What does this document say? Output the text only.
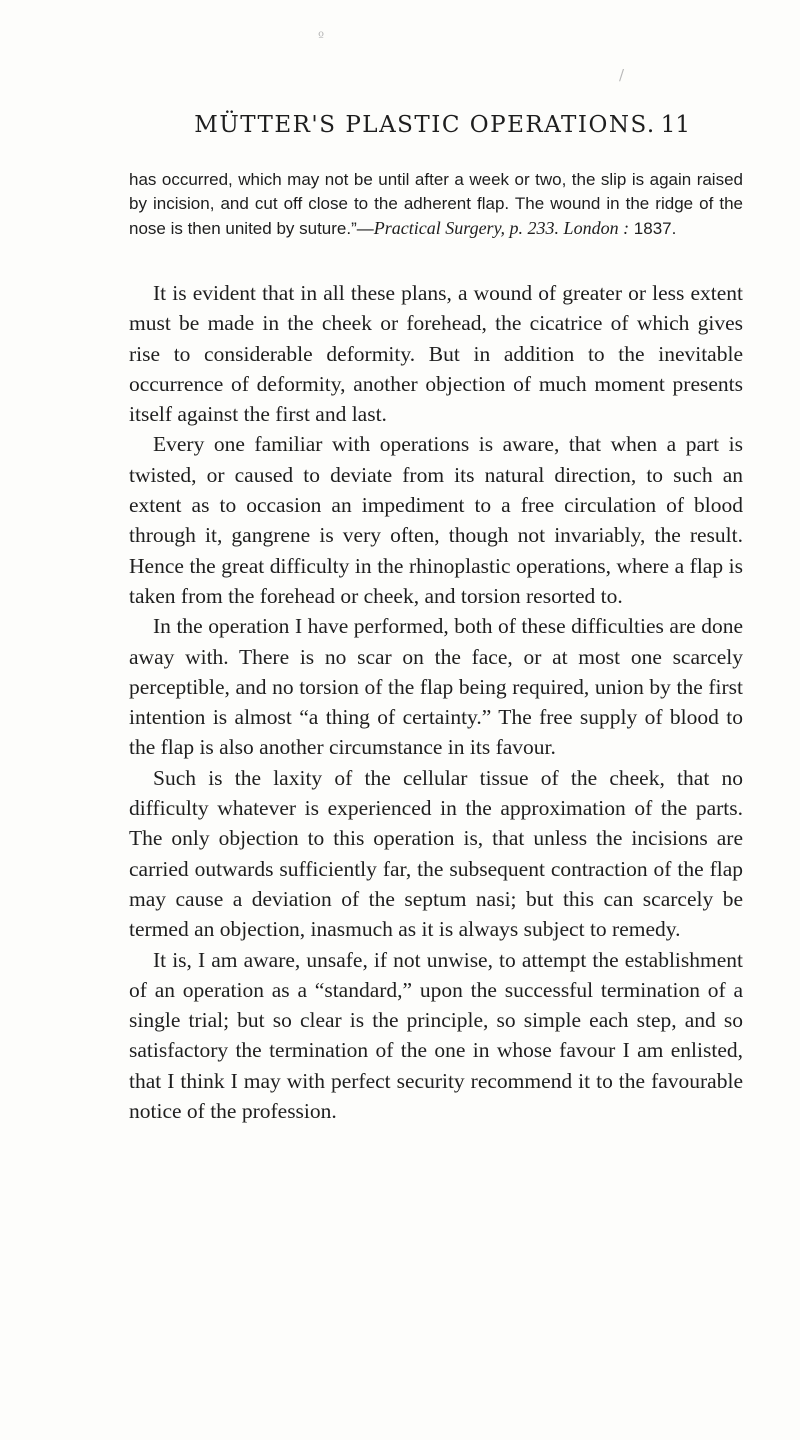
º
/
MÜTTER'S PLASTIC OPERATIONS. 11
has occurred, which may not be until after a week or two, the slip is again raised by incision, and cut off close to the adherent flap. The wound in the ridge of the nose is then united by suture.”—Practical Surgery, p. 233. London : 1837.

It is evident that in all these plans, a wound of greater or less extent must be made in the cheek or forehead, the cicatrice of which gives rise to considerable deformity. But in addition to the inevitable occurrence of deformity, another objection of much moment presents itself against the first and last.

Every one familiar with operations is aware, that when a part is twisted, or caused to deviate from its natural direction, to such an extent as to occasion an impediment to a free circulation of blood through it, gangrene is very often, though not invariably, the result. Hence the great difficulty in the rhinoplastic operations, where a flap is taken from the forehead or cheek, and torsion resorted to.

In the operation I have performed, both of these difficulties are done away with. There is no scar on the face, or at most one scarcely perceptible, and no torsion of the flap being required, union by the first intention is almost “a thing of certainty.” The free supply of blood to the flap is also another circumstance in its favour.

Such is the laxity of the cellular tissue of the cheek, that no difficulty whatever is experienced in the approximation of the parts. The only objection to this operation is, that unless the incisions are carried outwards sufficiently far, the subsequent contraction of the flap may cause a deviation of the septum nasi; but this can scarcely be termed an objection, inasmuch as it is always subject to remedy.

It is, I am aware, unsafe, if not unwise, to attempt the establishment of an operation as a “standard,” upon the successful termination of a single trial; but so clear is the principle, so simple each step, and so satisfactory the termination of the one in whose favour I am enlisted, that I think I may with perfect security recommend it to the favourable notice of the profession.
